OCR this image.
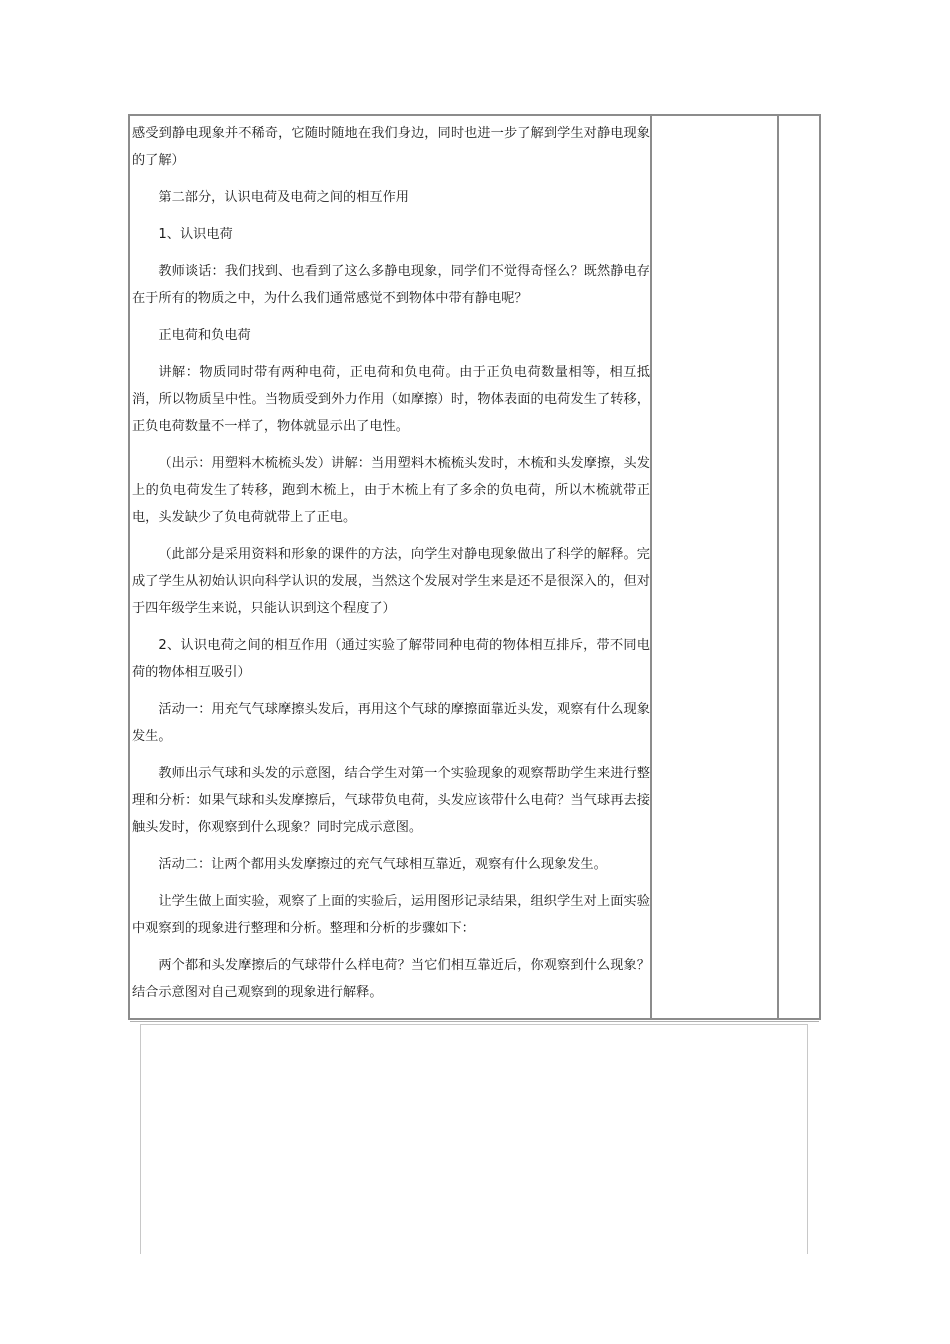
感受到静电现象并不稀奇，它随时随地在我们身边，同时也进一步了解到学生对静电现象的了解）

第二部分，认识电荷及电荷之间的相互作用

1、认识电荷

教师谈话：我们找到、也看到了这么多静电现象，同学们不觉得奇怪么？既然静电存在于所有的物质之中，为什么我们通常感觉不到物体中带有静电呢？

正电荷和负电荷

讲解：物质同时带有两种电荷，正电荷和负电荷。由于正负电荷数量相等，相互抵消，所以物质呈中性。当物质受到外力作用（如摩擦）时，物体表面的电荷发生了转移，正负电荷数量不一样了，物体就显示出了电性。

（出示：用塑料木梳梳头发）讲解：当用塑料木梳梳头发时，木梳和头发摩擦，头发上的负电荷发生了转移，跑到木梳上，由于木梳上有了多余的负电荷，所以木梳就带正电，头发缺少了负电荷就带上了正电。

（此部分是采用资料和形象的课件的方法，向学生对静电现象做出了科学的解释。完成了学生从初始认识向科学认识的发展，当然这个发展对学生来是还不是很深入的，但对于四年级学生来说，只能认识到这个程度了）

2、认识电荷之间的相互作用（通过实验了解带同种电荷的物体相互排斥，带不同电荷的物体相互吸引）

活动一：用充气气球摩擦头发后，再用这个气球的摩擦面靠近头发，观察有什么现象发生。

教师出示气球和头发的示意图，结合学生对第一个实验现象的观察帮助学生来进行整理和分析：如果气球和头发摩擦后，气球带负电荷，头发应该带什么电荷？当气球再去接触头发时，你观察到什么现象？同时完成示意图。

活动二：让两个都用头发摩擦过的充气气球相互靠近，观察有什么现象发生。

让学生做上面实验，观察了上面的实验后，运用图形记录结果，组织学生对上面实验中观察到的现象进行整理和分析。整理和分析的步骤如下：

两个都和头发摩擦后的气球带什么样电荷？当它们相互靠近后，你观察到什么现象？结合示意图对自己观察到的现象进行解释。
